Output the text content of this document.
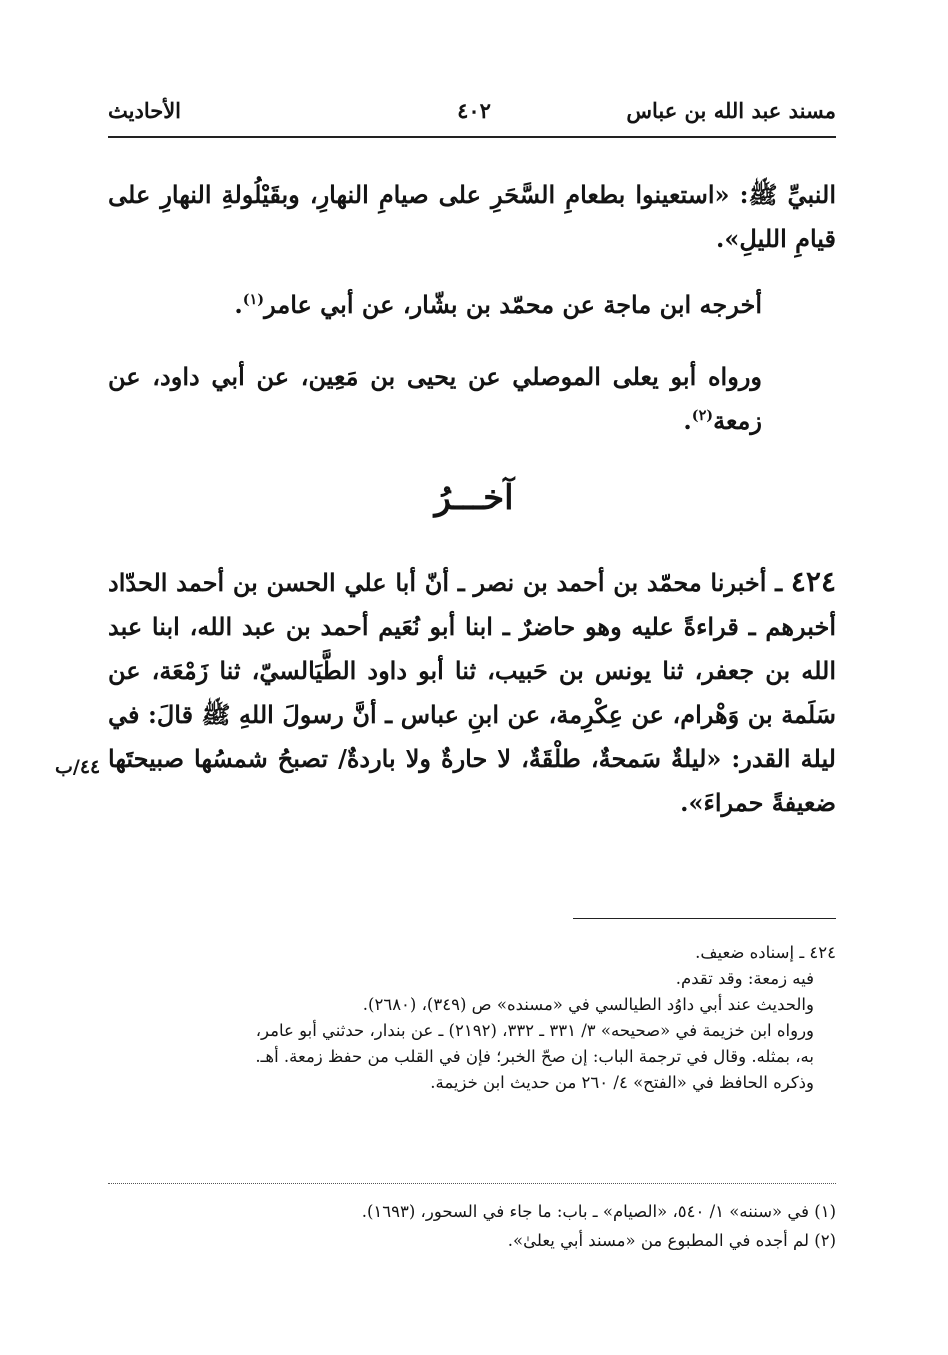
مسند عبد الله بن عباس
٤٠٢
الأحاديث
النبيِّ ﷺ: «استعينوا بطعامِ السَّحَرِ على صيامِ النهارِ، وبقَيْلُولةِ النهارِ على قيامِ الليلِ».
أخرجه ابن ماجة عن محمّد بن بشّار، عن أبي عامر$^{(١)}$.
ورواه أبو يعلى الموصلي عن يحيى بن مَعِين، عن أبي داود، عن زمعة$^{(٢)}$.
آخـــرُ
٤٢٤ ـ أخبرنا محمّد بن أحمد بن نصر ـ أنّ أبا علي الحسن بن أحمد الحدّاد أخبرهم ـ قراءةً عليه وهو حاضرٌ ـ ابنا أبو نُعَيم أحمد بن عبد الله، ابنا عبد الله بن جعفر، ثنا يونس بن حَبيب، ثنا أبو داود الطَّيَالسيّ، ثنا زَمْعَة، عن سَلَمة بن وَهْرام، عن عِكْرِمة، عن ابنِ عباس ـ أنَّ رسولَ اللهِ ﷺ قالَ: في ليلة القدر: «ليلةٌ سَمحةٌ، طلْقَةٌ، لا حارةٌ ولا باردةٌ/ تصبحُ شمسُها صبيحتَها ضعيفةً حمراءَ».
٤٤/ب
٤٢٤ ـ إسناده ضعيف.
فيه زمعة: وقد تقدم.
والحديث عند أبي داوُد الطيالسي في «مسنده» ص (٣٤٩)، (٢٦٨٠).
ورواه ابن خزيمة في «صحيحه» ٣/ ٣٣١ ـ ٣٣٢، (٢١٩٢) ـ عن بندار، حدثني أبو عامر،
به، بمثله. وقال في ترجمة الباب: إن صحّ الخبر؛ فإن في القلب من حفظ زمعة. أهـ.
وذكره الحافظ في «الفتح» ٤/ ٢٦٠ من حديث ابن خزيمة.
(١) في «سننه» ١/ ٥٤٠، «الصيام» ـ باب: ما جاء في السحور، (١٦٩٣).
(٢) لم أجده في المطبوع من «مسند أبي يعلىٰ».
